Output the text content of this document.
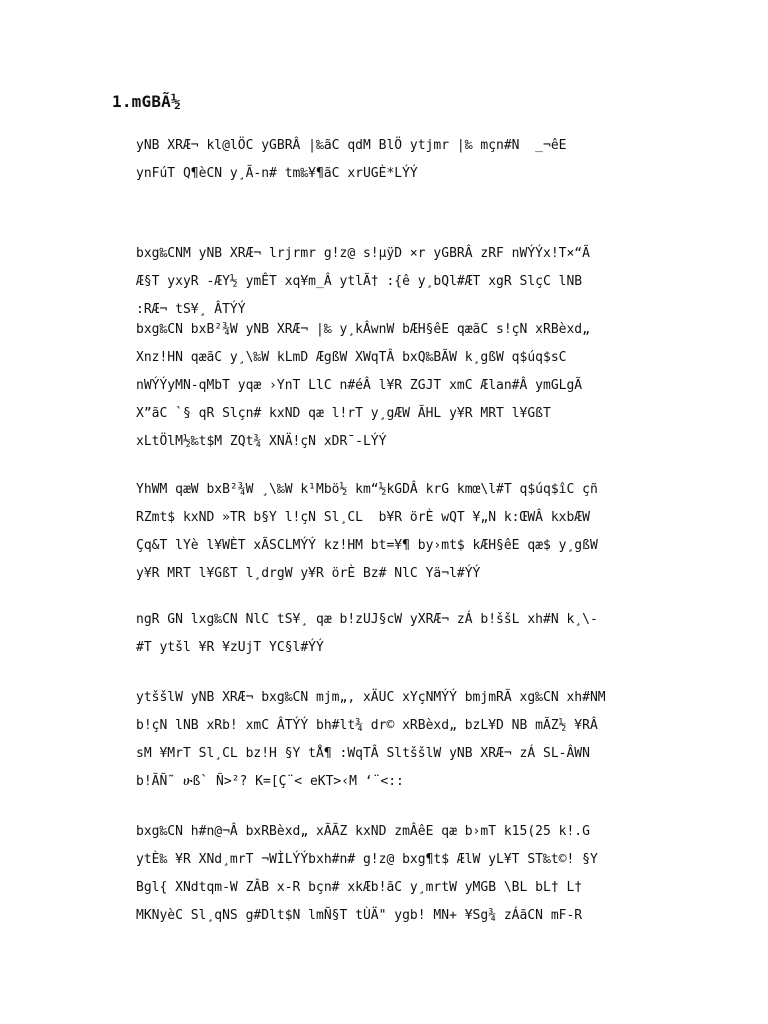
1.mGBÃ½
yNB XRÆ¬ kl@lÖC yGBRÂ |‰ãC qdM BlÖ ytjmr |‰ mçn#N  _¬êE
ynFúT Q¶èCN y¸Ã-n# tm‰¥¶ãC xrUGÈ*LÝÝ
bxg‰CNM yNB XRÆ¬ lrjrmr g!z@ s!µÿD ×r yGBRÂ zRF nWÝÝx!T×“Ã
Æ§T yxyR -ÆY½ ymÊT xq¥m_Â ytlÃ† :{ê y¸bQl#ÆT xgR SlçC lNB
:RÆ¬ tS¥¸ ÂTÝÝ
bxg‰CN bxB²¾W yNB XRÆ¬ |‰ y¸kÂwnW bÆH§êE qæãC s!çN xRBèxd„
Xnz!HN qæãC y¸\‰W kLmD ÆgßW XWqTÂ bxQ‰BÃW k¸gßW q$úq$sC
nWÝÝyMN-qMbT yqæ ›YnT LlC n#éÂ l¥R ZGJT xmC Ælan#Â ymGLgÃ
X”ãC `§ qR Slçn# kxND qæ l!rT y¸gÆW ÃHL y¥R MRT l¥GßT
xLtÖlM½‰t$M ZQt¾ XNÄ!çN xDR¯‑LÝÝ
YhWM qæW bxB²¾W ¸\‰W k¹Mbö½ km“½kGDÂ krG kmœ\l#T q$úq$îC çñ
RZmt$ kxND »TR b§Y l!çN Sl¸CL  b¥R örÈ wQT ¥„N k:ŒWÂ kxbÆW
Çq&T lYè l¥WÈT xÃSCLMÝÝ kz!HM bt=¥¶ by›mt$ kÆH§êE qæ$ y¸gßW
y¥R MRT l¥GßT l¸drgW y¥R örÈ Bz# NlC Yä¬l#ÝÝ
ngR GN lxg‰CN NlC tS¥¸ qæ b!zUJ§cW yXRÆ¬ zÁ b!ššL xh#N k¸\-
#T ytšl ¥R ¥zUjT YC§l#ÝÝ
ytššlW yNB XRÆ¬ bxg‰CN mjm„, xÄUC xYçNMÝÝ bmjmRÃ xg‰CN xh#NM
b!çN lNB xRb! xmC ÂTÝÝ bh#lt¾ dr© xRBèxd„ bzL¥D NB mÃZ½ ¥RÂ
sM ¥MrT Sl¸CL bz!H §Y tÅ¶ :WqTÂ SltššlW yNB XRÆ¬ zÁ SL-ÂWN
b!ÃÑ˜ ሁß` Ñ>²? K=[Ç¨< eKT>‹M ‘¨<::
bxg‰CN h#n@¬Â bxRBèxd„ xÃÃZ kxND zmÂêE qæ b›mT k15(25 k!.G
ytÈ‰ ¥R XNd¸mrT ¬WÌLÝÝbxh#n# g!z@ bxg¶t$ ÆlW yL¥T ST‰t©! §Y
Bgl{ XNdtqm-W ZÂB x-R bçn# xkÆb!ãC y¸mrtW yMGB \BL bL† L†
MKNyèC Sl¸qNS g#Dlt$N lmÑ§T tÙÄ" ygb! MN+ ¥Sg¾ zÁãCN mF-R
